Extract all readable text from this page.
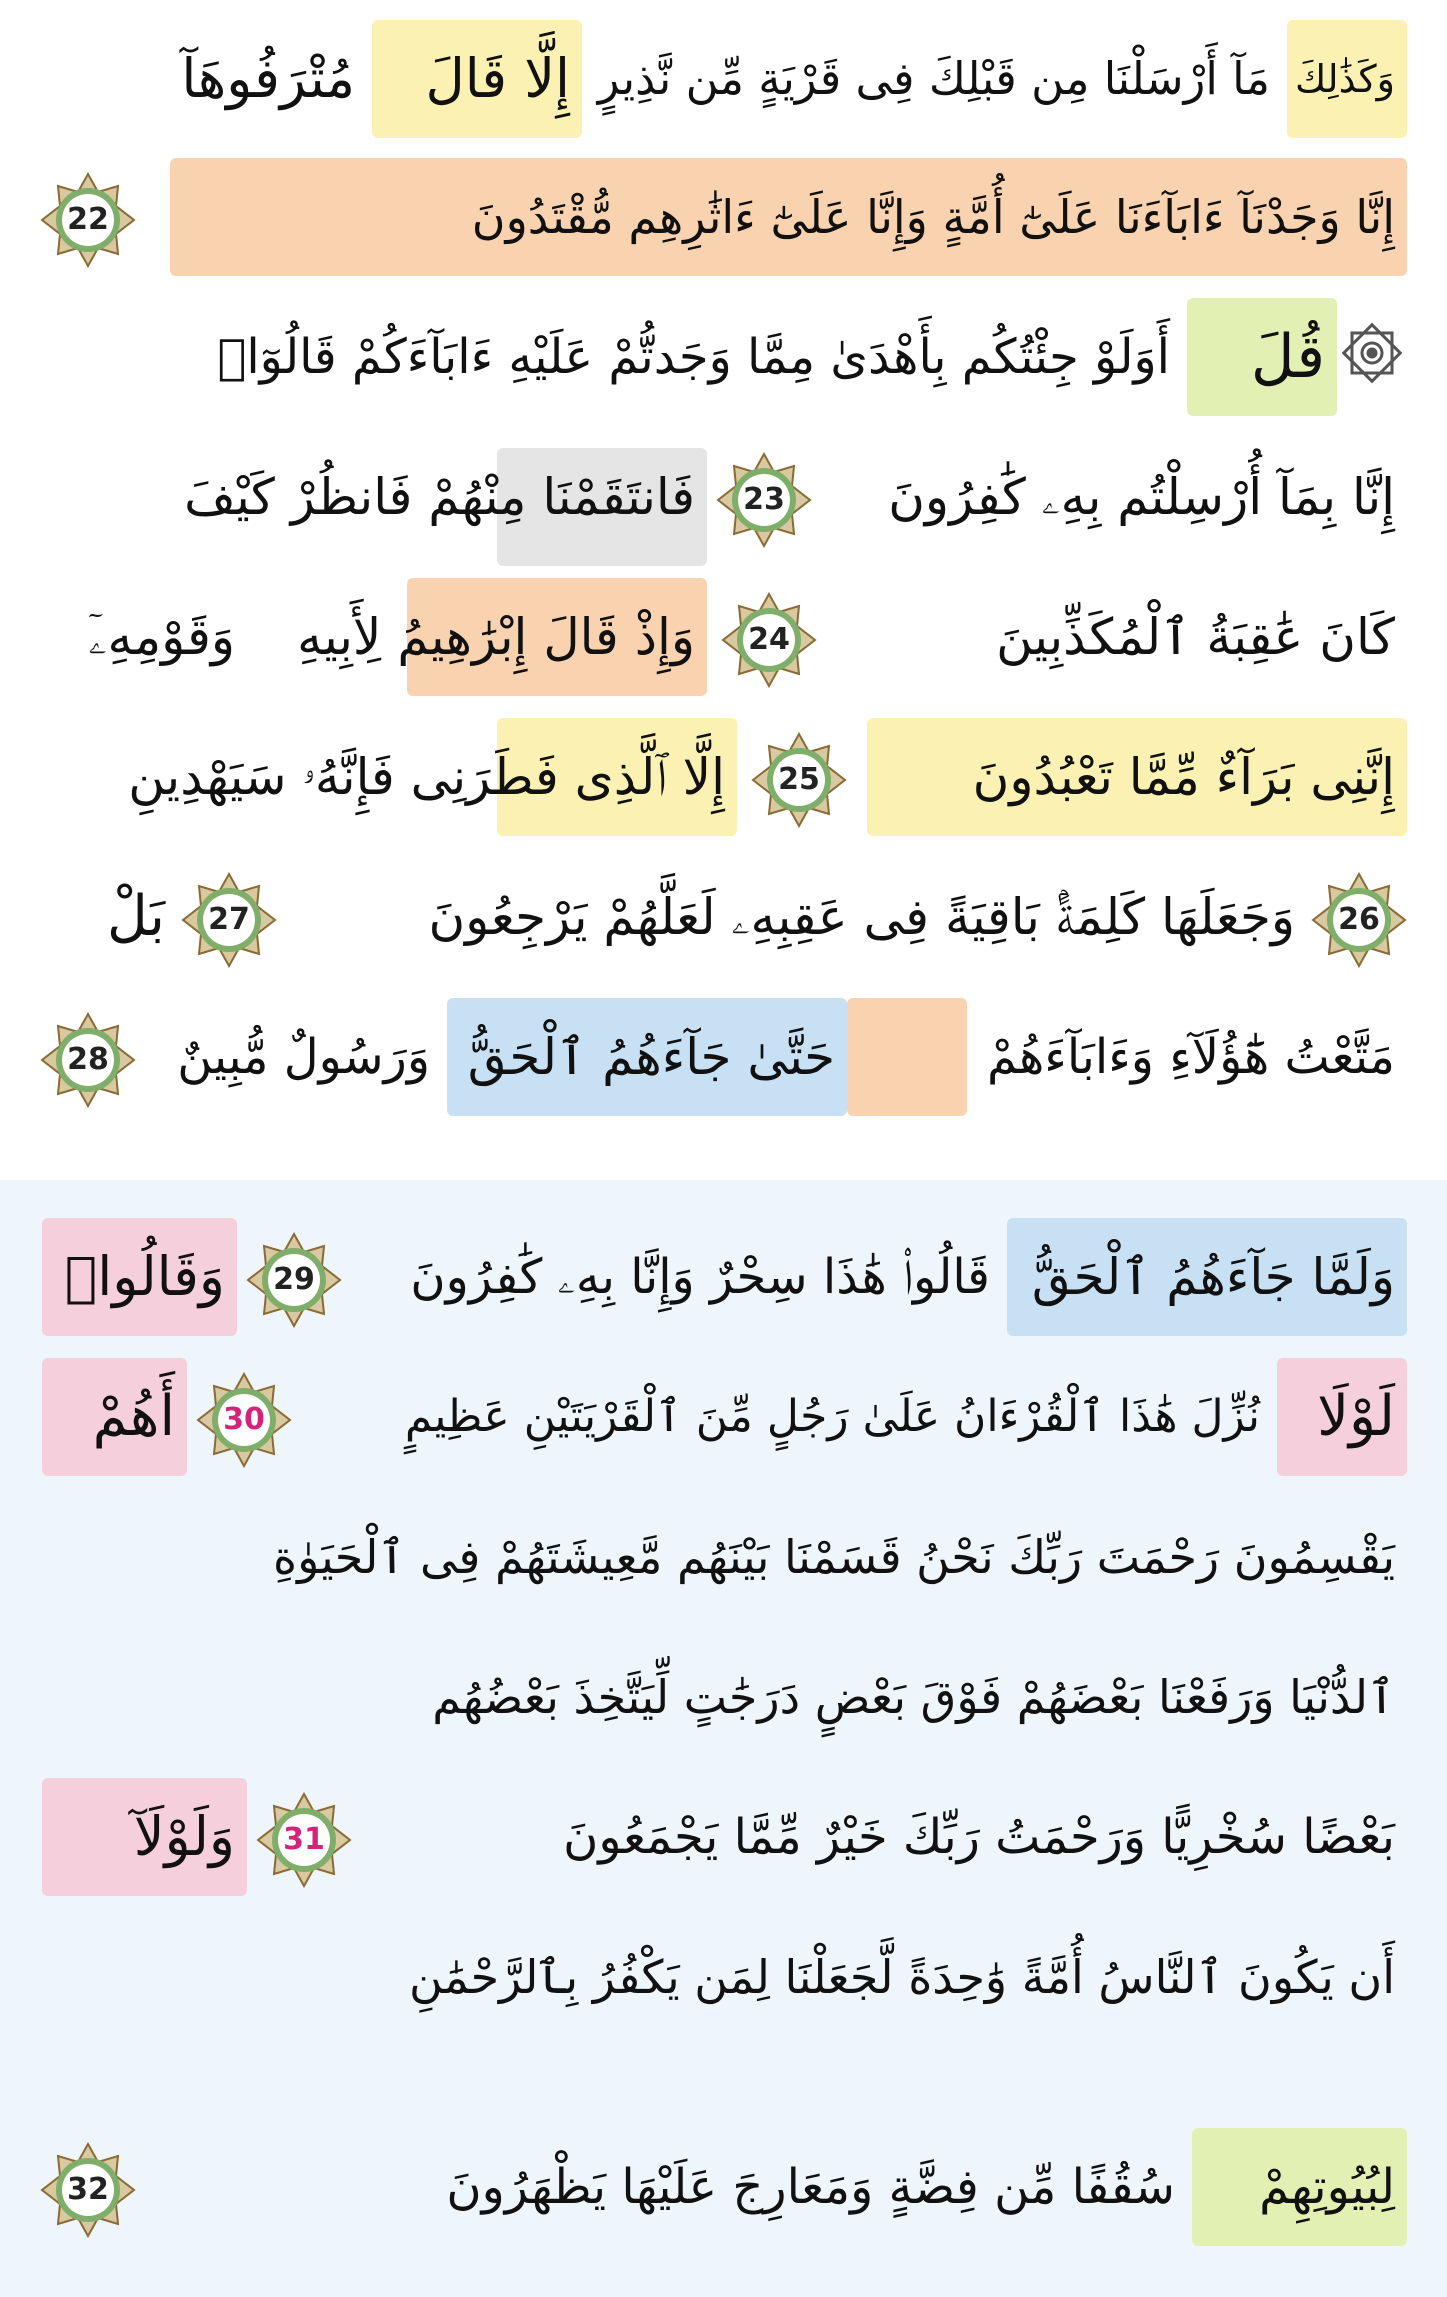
وَكَذَٰلِكَ
مَآ أَرْسَلْنَا مِن قَبْلِكَ فِى قَرْيَةٍ مِّن نَّذِيرٍ
إِلَّا قَالَ
مُتْرَفُوهَآ
إِنَّا وَجَدْنَآ ءَابَآءَنَا عَلَىٰٓ أُمَّةٍ وَإِنَّا عَلَىٰٓ ءَاثَٰرِهِم مُّقْتَدُونَ
22
قُلَ
أَوَلَوْ جِئْتُكُم بِأَهْدَىٰ مِمَّا وَجَدتُّمْ عَلَيْهِ ءَابَآءَكُمْ قَالُوٓا۟
إِنَّا بِمَآ أُرْسِلْتُم بِهِۦ كَٰفِرُونَ
23
فَانتَقَمْنَا مِنْهُمْ فَانظُرْ كَيْفَ
كَانَ عَٰقِبَةُ ٱلْمُكَذِّبِينَ
24
وَإِذْ قَالَ إِبْرَٰهِيمُ لِأَبِيهِ
وَقَوْمِهِۦٓ
إِنَّنِى بَرَآءٌ مِّمَّا تَعْبُدُونَ
25
إِلَّا ٱلَّذِى فَطَرَنِى فَإِنَّهُۥ سَيَهْدِينِ
26
وَجَعَلَهَا كَلِمَةًۢ بَاقِيَةً فِى عَقِبِهِۦ لَعَلَّهُمْ يَرْجِعُونَ
27
بَلْ
مَتَّعْتُ هَٰٓؤُلَآءِ وَءَابَآءَهُمْ
حَتَّىٰ جَآءَهُمُ ٱلْحَقُّ
وَرَسُولٌ مُّبِينٌ
28
وَلَمَّا جَآءَهُمُ ٱلْحَقُّ
قَالُوا۟ هَٰذَا سِحْرٌ وَإِنَّا بِهِۦ كَٰفِرُونَ
29
وَقَالُوا۟
لَوْلَا
نُزِّلَ هَٰذَا ٱلْقُرْءَانُ عَلَىٰ رَجُلٍ مِّنَ ٱلْقَرْيَتَيْنِ عَظِيمٍ
30
أَهُمْ
يَقْسِمُونَ رَحْمَتَ رَبِّكَ نَحْنُ قَسَمْنَا بَيْنَهُم مَّعِيشَتَهُمْ فِى ٱلْحَيَوٰةِ
ٱلدُّنْيَا وَرَفَعْنَا بَعْضَهُمْ فَوْقَ بَعْضٍ دَرَجَٰتٍ لِّيَتَّخِذَ بَعْضُهُم
بَعْضًا سُخْرِيًّا وَرَحْمَتُ رَبِّكَ خَيْرٌ مِّمَّا يَجْمَعُونَ
31
وَلَوْلَآ
أَن يَكُونَ ٱلنَّاسُ أُمَّةً وَٰحِدَةً لَّجَعَلْنَا لِمَن يَكْفُرُ بِٱلرَّحْمَٰنِ
لِبُيُوتِهِمْ
سُقُفًا مِّن فِضَّةٍ وَمَعَارِجَ عَلَيْهَا يَظْهَرُونَ
32
